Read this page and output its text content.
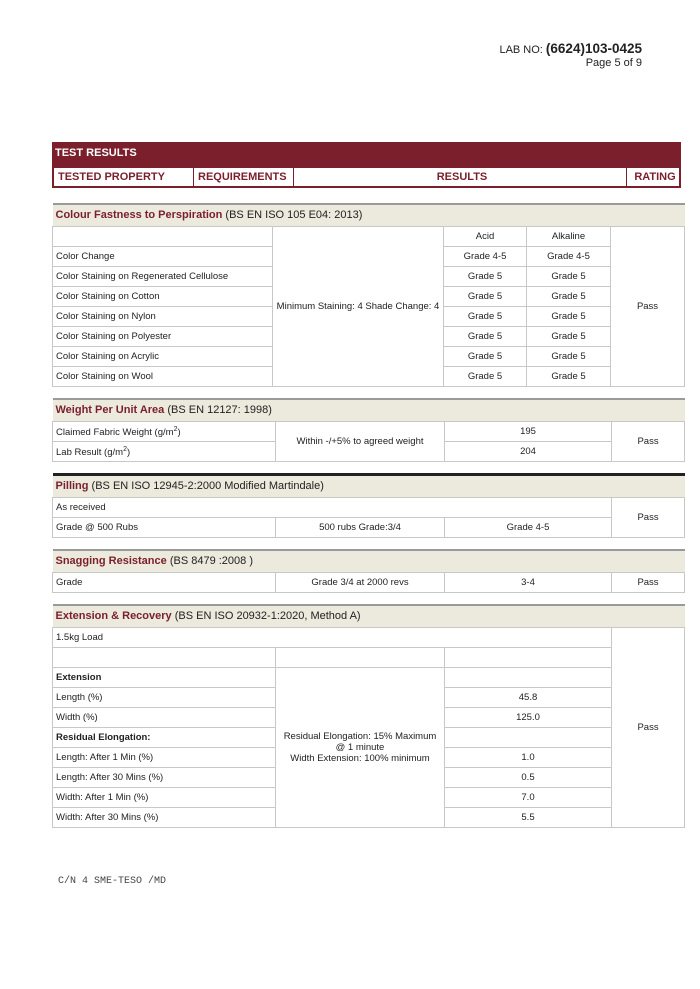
LAB NO: (6624)103-0425
Page 5 of 9
TEST RESULTS
TESTED PROPERTY	REQUIREMENTS	RESULTS	RATING
Colour Fastness to Perspiration (BS EN ISO 105 E04: 2013)				
	Minimum Staining: 4 Shade Change: 4	Acid	Alkaline	Pass
Color Change		Grade 4-5	Grade 4-5	
Color Staining on Regenerated Cellulose		Grade 5	Grade 5	
Color Staining on Cotton		Grade 5	Grade 5	
Color Staining on Nylon		Grade 5	Grade 5	
Color Staining on Polyester		Grade 5	Grade 5	
Color Staining on Acrylic		Grade 5	Grade 5	
Color Staining on Wool		Grade 5	Grade 5	
Weight Per Unit Area (BS EN 12127: 1998)			
Claimed Fabric Weight $(g/m^2)$	Within -/+5% to agreed weight	195	Pass
Lab Result $(g/m^2)$		204	
Pilling (BS EN ISO 12945-2:2000 Modified Martindale)			
As received			Pass
Grade @ 500 Rubs	500 rubs Grade:3/4	Grade 4-5	
Snagging Resistance (BS 8479 :2008 )
Grade	Grade 3/4 at 2000 revs	3-4	Pass
Extension & Recovery (BS EN ISO 20932-1:2020, Method A)			
1.5kg Load			Pass

Extension	Residual Elongation: 15% Maximum
@ 1 minute
Width Extension: 100% minimum		

Length (%)		45.8	
Width (%)		125.0	
Residual Elongation:			
Length: After 1 Min (%)		1.0	
Length: After 30 Mins (%)		0.5	
Width: After 1 Min (%)		7.0	
Width: After 30 Mins (%)		5.5	
C/N 4 SME-TESO /MD
